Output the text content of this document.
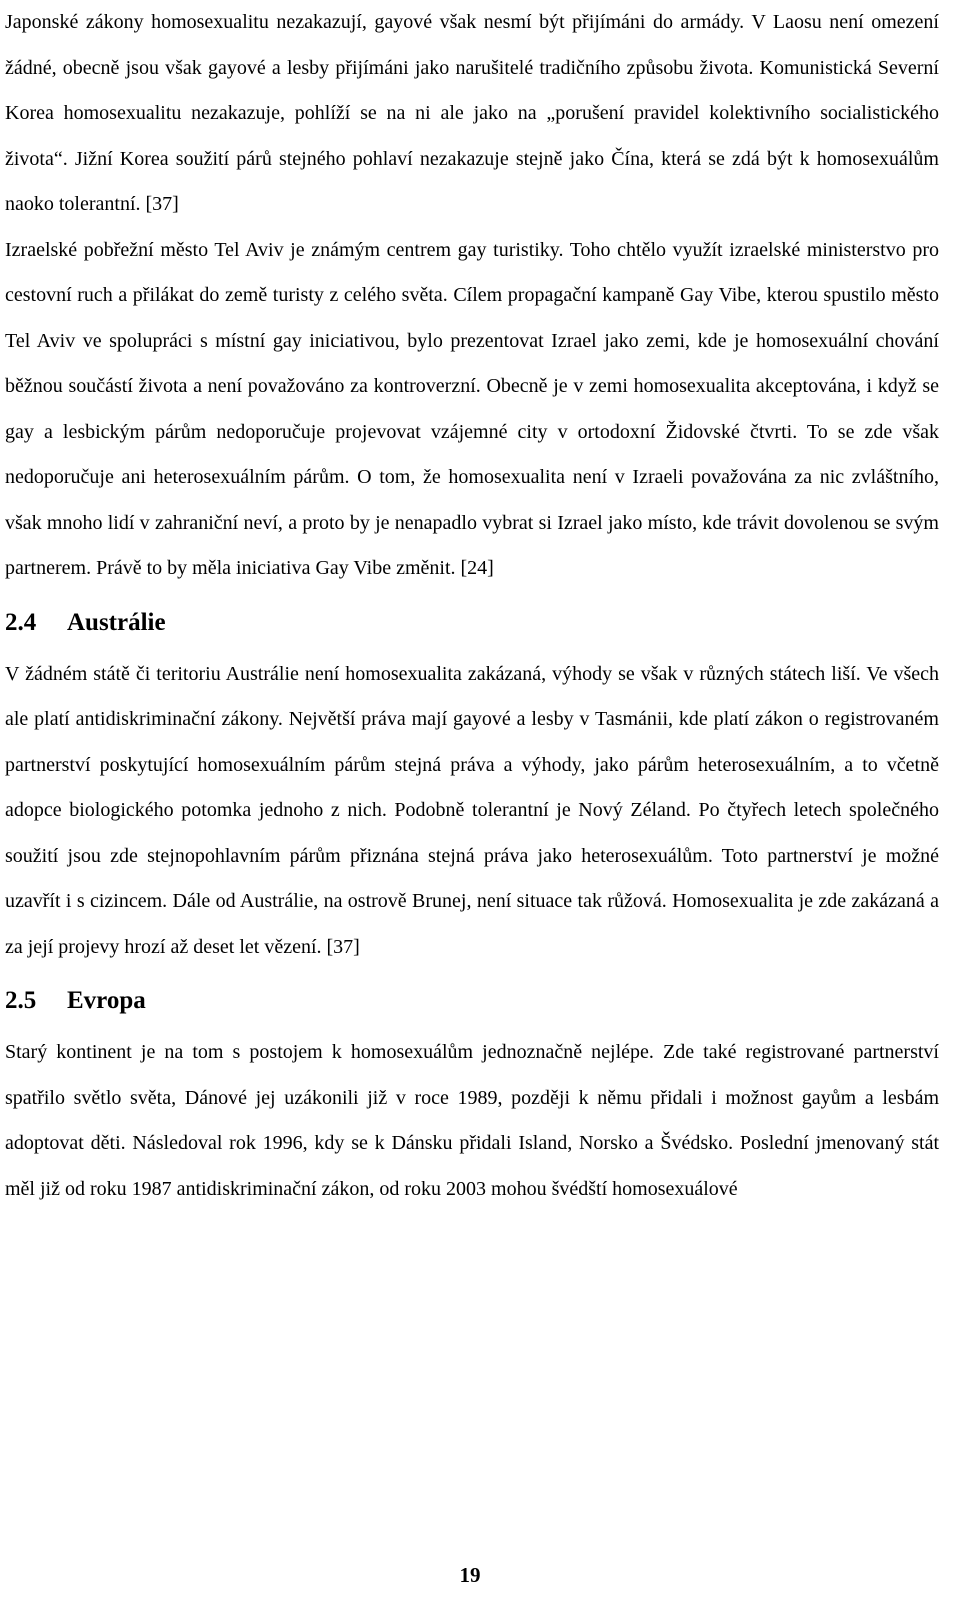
Japonské zákony homosexualitu nezakazují, gayové však nesmí být přijímáni do armády. V Laosu není omezení žádné, obecně jsou však gayové a lesby přijímáni jako narušitelé tradičního způsobu života. Komunistická Severní Korea homosexualitu nezakazuje, pohlíží se na ni ale jako na „porušení pravidel kolektivního socialistického života“. Jižní Korea soužití párů stejného pohlaví nezakazuje stejně jako Čína, která se zdá být k homosexuálům naoko tolerantní. [37]

Izraelské pobřežní město Tel Aviv je známým centrem gay turistiky. Toho chtělo využít izraelské ministerstvo pro cestovní ruch a přilákat do země turisty z celého světa. Cílem propagační kampaně Gay Vibe, kterou spustilo město Tel Aviv ve spolupráci s místní gay iniciativou, bylo prezentovat Izrael jako zemi, kde je homosexuální chování běžnou součástí života a není považováno za kontroverzní. Obecně je v zemi homosexualita akceptována, i když se gay a lesbickým párům nedoporučuje projevovat vzájemné city v ortodoxní Židovské čtvrti. To se zde však nedoporučuje ani heterosexuálním párům. O tom, že homosexualita není v Izraeli považována za nic zvláštního, však mnoho lidí v zahraniční neví, a proto by je nenapadlo vybrat si Izrael jako místo, kde trávit dovolenou se svým partnerem. Právě to by měla iniciativa Gay Vibe změnit. [24]

2.4 Austrálie

V žádném státě či teritoriu Austrálie není homosexualita zakázaná, výhody se však v různých státech liší. Ve všech ale platí antidiskriminační zákony. Největší práva mají gayové a lesby v Tasmánii, kde platí zákon o registrovaném partnerství poskytující homosexuálním párům stejná práva a výhody, jako párům heterosexuálním, a to včetně adopce biologického potomka jednoho z nich. Podobně tolerantní je Nový Zéland. Po čtyřech letech společného soužití jsou zde stejnopohlavním párům přiznána stejná práva jako heterosexuálům. Toto partnerství je možné uzavřít i s cizincem. Dále od Austrálie, na ostrově Brunej, není situace tak růžová. Homosexualita je zde zakázaná a za její projevy hrozí až deset let vězení. [37]

2.5 Evropa

Starý kontinent je na tom s postojem k homosexuálům jednoznačně nejlépe. Zde také registrované partnerství spatřilo světlo světa, Dánové jej uzákonili již v roce 1989, později k němu přidali i možnost gayům a lesbám adoptovat děti. Následoval rok 1996, kdy se k Dánsku přidali Island, Norsko a Švédsko. Poslední jmenovaný stát měl již od roku 1987 antidiskriminační zákon, od roku 2003 mohou švédští homosexuálové

19
